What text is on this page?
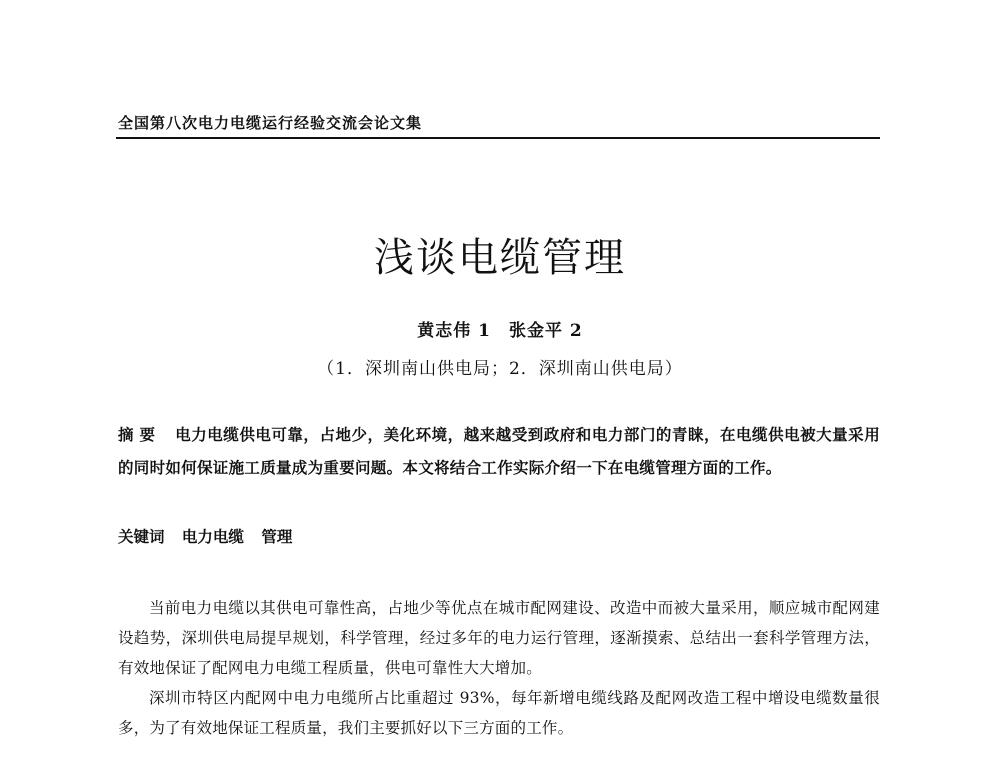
全国第八次电力电缆运行经验交流会论文集
浅谈电缆管理
黄志伟 1　张金平 2
（1．深圳南山供电局；2．深圳南山供电局）
摘要 电力电缆供电可靠，占地少，美化环境，越来越受到政府和电力部门的青睐，在电缆供电被大量采用的同时如何保证施工质量成为重要问题。本文将结合工作实际介绍一下在电缆管理方面的工作。
关键词 电力电缆 管理

当前电力电缆以其供电可靠性高，占地少等优点在城市配网建设、改造中而被大量采用，顺应城市配网建设趋势，深圳供电局提早规划，科学管理，经过多年的电力运行管理，逐渐摸索、总结出一套科学管理方法，有效地保证了配网电力电缆工程质量，供电可靠性大大增加。

深圳市特区内配网中电力电缆所占比重超过 93%，每年新增电缆线路及配网改造工程中增设电缆数量很多，为了有效地保证工程质量，我们主要抓好以下三方面的工作。
